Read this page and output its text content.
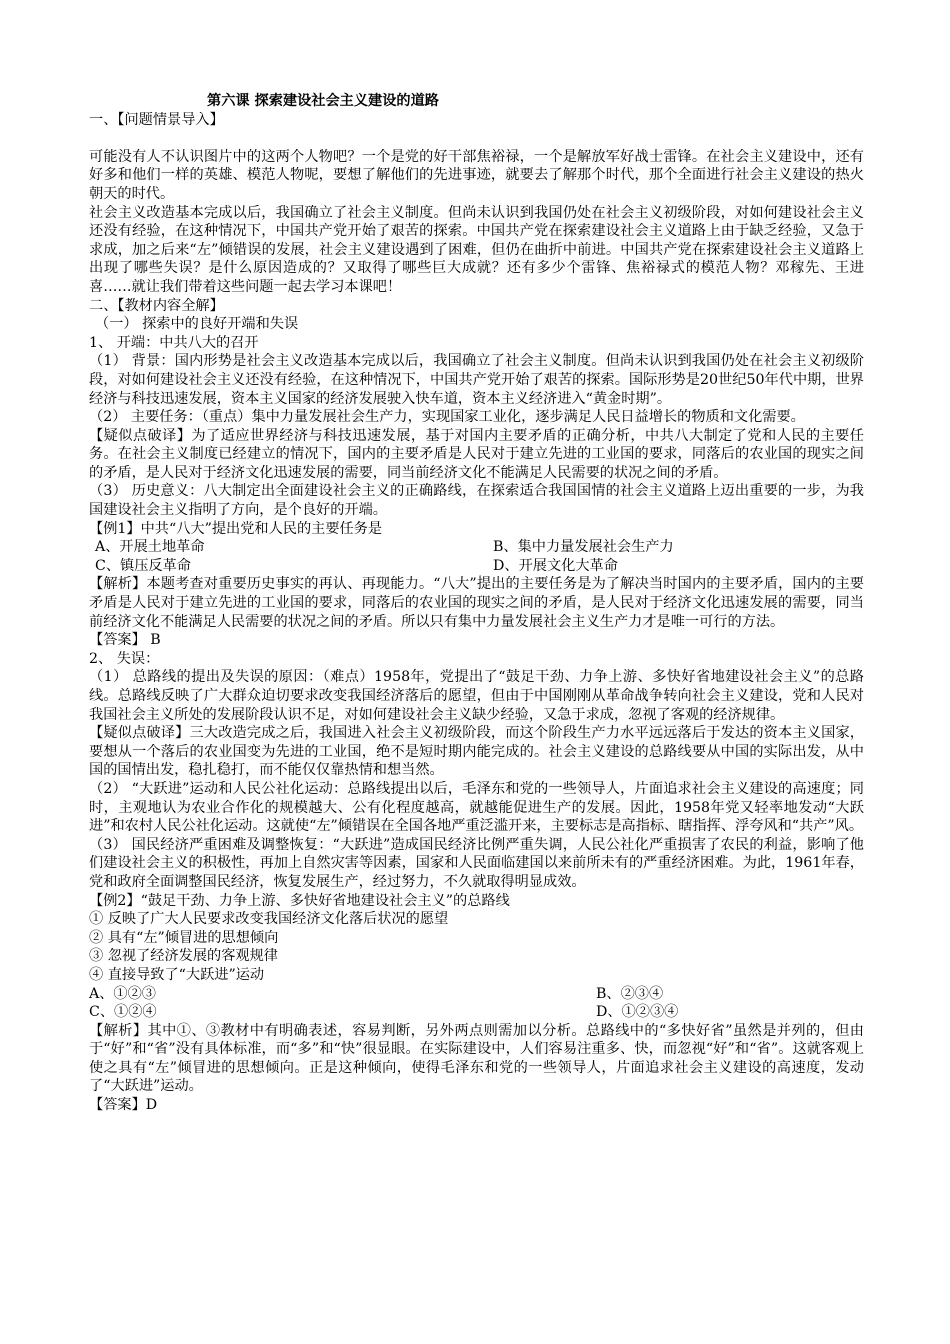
第六课 探索建设社会主义建设的道路
一、【问题情景导入】
可能没有人不认识图片中的这两个人物吧？一个是党的好干部焦裕禄，一个是解放军好战士雷锋。在社会主义建设中，还有好多和他们一样的英雄、模范人物呢，要想了解他们的先进事迹，就要去了解那个时代，那个全面进行社会主义建设的热火朝天的时代。
社会主义改造基本完成以后，我国确立了社会主义制度。但尚未认识到我国仍处在社会主义初级阶段，对如何建设社会主义还没有经验，在这种情况下，中国共产党开始了艰苦的探索。中国共产党在探索建设社会主义道路上由于缺乏经验，又急于求成，加之后来“左”倾错误的发展，社会主义建设遇到了困难，但仍在曲折中前进。中国共产党在探索建设社会主义道路上出现了哪些失误？是什么原因造成的？又取得了哪些巨大成就？还有多少个雷锋、焦裕禄式的模范人物？邓稼先、王进喜……就让我们带着这些问题一起去学习本课吧！
二、【教材内容全解】
（一） 探索中的良好开端和失误
1、 开端：中共八大的召开
（1） 背景：国内形势是社会主义改造基本完成以后，我国确立了社会主义制度。但尚未认识到我国仍处在社会主义初级阶段，对如何建设社会主义还没有经验，在这种情况下，中国共产党开始了艰苦的探索。国际形势是20世纪50年代中期，世界经济与科技迅速发展，资本主义国家的经济发展驶入快车道，资本主义经济进入“黄金时期”。
（2） 主要任务：（重点）集中力量发展社会生产力，实现国家工业化，逐步满足人民日益增长的物质和文化需要。
【疑似点破译】为了适应世界经济与科技迅速发展，基于对国内主要矛盾的正确分析，中共八大制定了党和人民的主要任务。在社会主义制度已经建立的情况下，国内的主要矛盾是人民对于建立先进的工业国的要求，同落后的农业国的现实之间的矛盾，是人民对于经济文化迅速发展的需要，同当前经济文化不能满足人民需要的状况之间的矛盾。
（3） 历史意义：八大制定出全面建设社会主义的正确路线，在探索适合我国国情的社会主义道路上迈出重要的一步，为我国建设社会主义指明了方向，是个良好的开端。
【例1】中共“八大”提出党和人民的主要任务是
A、开展土地革命	B、集中力量发展社会生产力
C、镇压反革命	D、开展文化大革命
【解析】本题考查对重要历史事实的再认、再现能力。“八大”提出的主要任务是为了解决当时国内的主要矛盾，国内的主要矛盾是人民对于建立先进的工业国的要求，同落后的农业国的现实之间的矛盾，是人民对于经济文化迅速发展的需要，同当前经济文化不能满足人民需要的状况之间的矛盾。所以只有集中力量发展社会主义生产力才是唯一可行的方法。
【答案】 B
2、 失误：
（1） 总路线的提出及失误的原因：（难点）1958年，党提出了“鼓足干劲、力争上游、多快好省地建设社会主义”的总路线。总路线反映了广大群众迫切要求改变我国经济落后的愿望，但由于中国刚刚从革命战争转向社会主义建设，党和人民对我国社会主义所处的发展阶段认识不足，对如何建设社会主义缺少经验，又急于求成，忽视了客观的经济规律。
【疑似点破译】三大改造完成之后，我国进入社会主义初级阶段，而这个阶段生产力水平远远落后于发达的资本主义国家，要想从一个落后的农业国变为先进的工业国，绝不是短时期内能完成的。社会主义建设的总路线要从中国的实际出发，从中国的国情出发，稳扎稳打，而不能仅仅靠热情和想当然。
（2） “大跃进”运动和人民公社化运动：总路线提出以后，毛泽东和党的一些领导人，片面追求社会主义建设的高速度；同时，主观地认为农业合作化的规模越大、公有化程度越高，就越能促进生产的发展。因此，1958年党又轻率地发动“大跃进”和农村人民公社化运动。这就使“左”倾错误在全国各地严重泛滥开来，主要标志是高指标、瞎指挥、浮夸风和“共产”风。
（3） 国民经济严重困难及调整恢复：“大跃进”造成国民经济比例严重失调，人民公社化严重损害了农民的利益，影响了他们建设社会主义的积极性，再加上自然灾害等因素，国家和人民面临建国以来前所未有的严重经济困难。为此，1961年春，党和政府全面调整国民经济，恢复发展生产，经过努力，不久就取得明显成效。
【例2】“鼓足干劲、力争上游、多快好省地建设社会主义”的总路线
① 反映了广大人民要求改变我国经济文化落后状况的愿望
② 具有“左”倾冒进的思想倾向
③ 忽视了经济发展的客观规律
④ 直接导致了“大跃进”运动
A、①②③	B、②③④
C、①②④	D、①②③④
【解析】其中①、③教材中有明确表述，容易判断，另外两点则需加以分析。总路线中的“多快好省”虽然是并列的，但由于“好”和“省”没有具体标准，而“多”和“快”很显眼。在实际建设中，人们容易注重多、快，而忽视“好”和“省”。这就客观上使之具有“左”倾冒进的思想倾向。正是这种倾向，使得毛泽东和党的一些领导人，片面追求社会主义建设的高速度，发动了“大跃进”运动。
【答案】D
